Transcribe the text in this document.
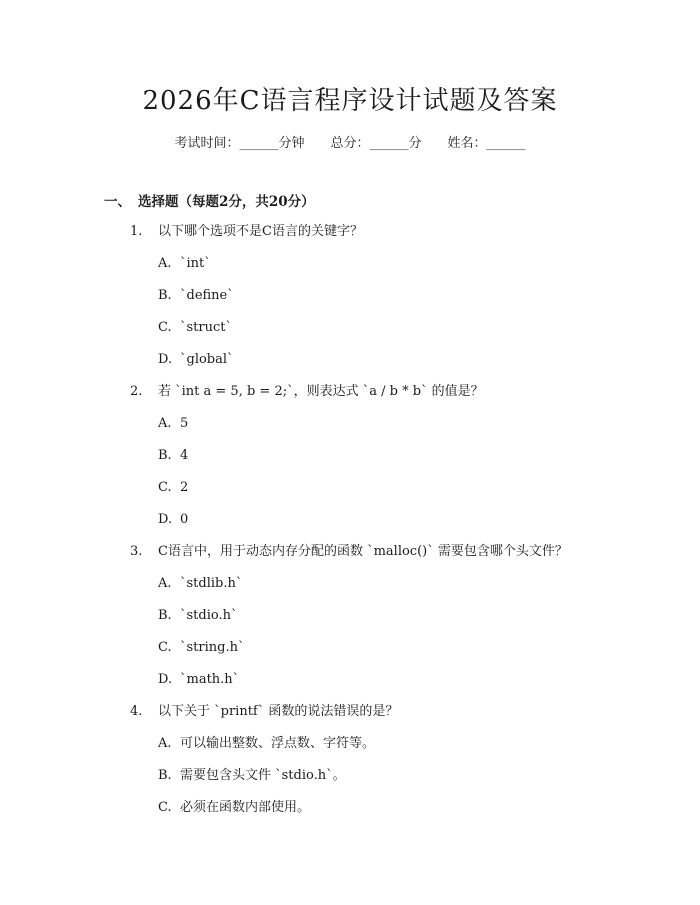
2026年C语言程序设计试题及答案
考试时间：______分钟 总分：______分 姓名：______
一、 选择题（每题2分，共20分）
1.	以下哪个选项不是C语言的关键字？
A. `int`
B. `define`
C. `struct`
D. `global`
2.	若 `int a = 5, b = 2;`，则表达式 `a / b * b` 的值是？
A. 5
B. 4
C. 2
D. 0
3.	C语言中，用于动态内存分配的函数 `malloc()` 需要包含哪个头文件？
A. `stdlib.h`
B. `stdio.h`
C. `string.h`
D. `math.h`
4.	以下关于 `printf` 函数的说法错误的是？
A. 可以输出整数、浮点数、字符等。
B. 需要包含头文件 `stdio.h`。
C. 必须在函数内部使用。
